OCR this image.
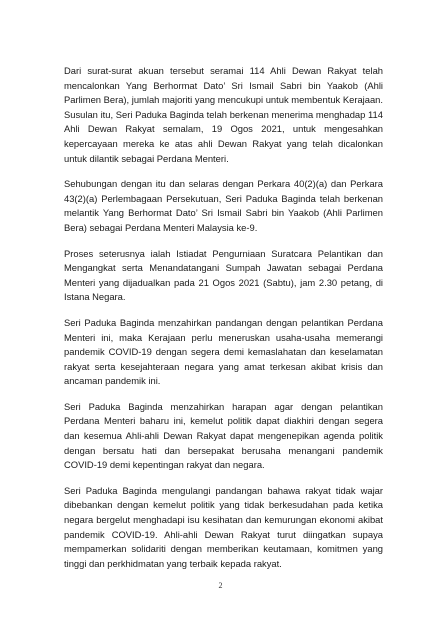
Dari surat-surat akuan tersebut seramai 114 Ahli Dewan Rakyat telah mencalonkan Yang Berhormat Dato’ Sri Ismail Sabri bin Yaakob (Ahli Parlimen Bera), jumlah majoriti yang mencukupi untuk membentuk Kerajaan. Susulan itu, Seri Paduka Baginda telah berkenan menerima menghadap 114 Ahli Dewan Rakyat semalam, 19 Ogos 2021, untuk mengesahkan kepercayaan mereka ke atas ahli Dewan Rakyat yang telah dicalonkan untuk dilantik sebagai Perdana Menteri.

Sehubungan dengan itu dan selaras dengan Perkara 40(2)(a) dan Perkara 43(2)(a) Perlembagaan Persekutuan, Seri Paduka Baginda telah berkenan melantik Yang Berhormat Dato’ Sri Ismail Sabri bin Yaakob (Ahli Parlimen Bera) sebagai Perdana Menteri Malaysia ke-9.

Proses seterusnya ialah Istiadat Pengurniaan Suratcara Pelantikan dan Mengangkat serta Menandatangani Sumpah Jawatan sebagai Perdana Menteri yang dijadualkan pada 21 Ogos 2021 (Sabtu), jam 2.30 petang, di Istana Negara.

Seri Paduka Baginda menzahirkan pandangan dengan pelantikan Perdana Menteri ini, maka Kerajaan perlu meneruskan usaha-usaha memerangi pandemik COVID-19 dengan segera demi kemaslahatan dan keselamatan rakyat serta kesejahteraan negara yang amat terkesan akibat krisis dan ancaman pandemik ini.

Seri Paduka Baginda menzahirkan harapan agar dengan pelantikan Perdana Menteri baharu ini, kemelut politik dapat diakhiri dengan segera dan kesemua Ahli-ahli Dewan Rakyat dapat mengenepikan agenda politik dengan bersatu hati dan bersepakat berusaha menangani pandemik COVID-19 demi kepentingan rakyat dan negara.

Seri Paduka Baginda mengulangi pandangan bahawa rakyat tidak wajar dibebankan dengan kemelut politik yang tidak berkesudahan pada ketika negara bergelut menghadapi isu kesihatan dan kemurungan ekonomi akibat pandemik COVID-19. Ahli-ahli Dewan Rakyat turut diingatkan supaya mempamerkan solidariti dengan memberikan keutamaan, komitmen yang tinggi dan perkhidmatan yang terbaik kepada rakyat.

2
